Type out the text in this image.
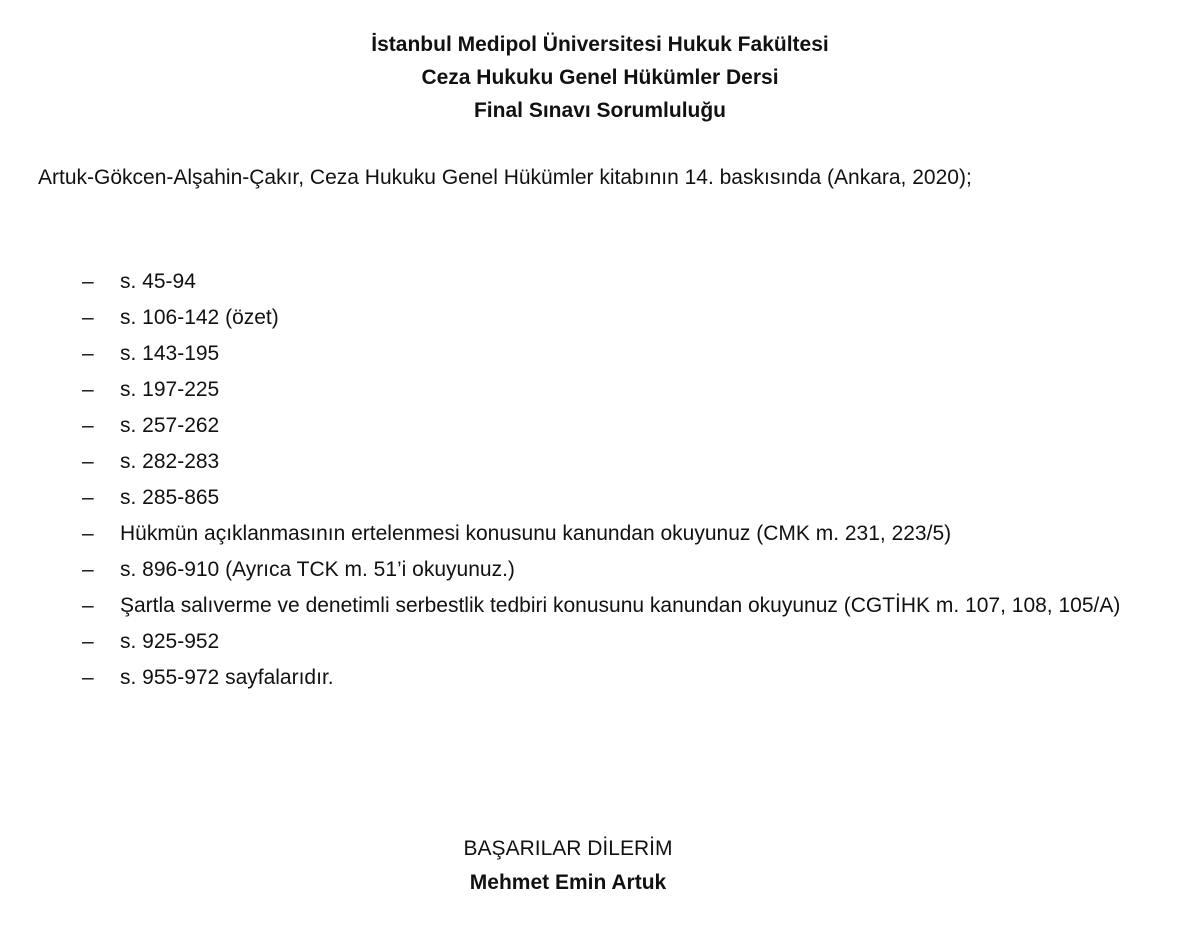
İstanbul Medipol Üniversitesi Hukuk Fakültesi
Ceza Hukuku Genel Hükümler Dersi
Final Sınavı Sorumluluğu
Artuk-Gökcen-Alşahin-Çakır, Ceza Hukuku Genel Hükümler kitabının 14. baskısında (Ankara, 2020);
–	s. 45-94
–	s. 106-142 (özet)
–	s. 143-195
–	s. 197-225
–	s. 257-262
–	s. 282-283
–	s. 285-865
–	Hükmün açıklanmasının ertelenmesi konusunu kanundan okuyunuz (CMK m. 231, 223/5)
–	s. 896-910 (Ayrıca TCK m. 51’i okuyunuz.)
–	Şartla salıverme ve denetimli serbestlik tedbiri konusunu kanundan okuyunuz (CGTİHK m. 107, 108, 105/A)
–	s. 925-952
–	s. 955-972 sayfalarıdır.
BAŞARILAR DİLERİM
Mehmet Emin Artuk
